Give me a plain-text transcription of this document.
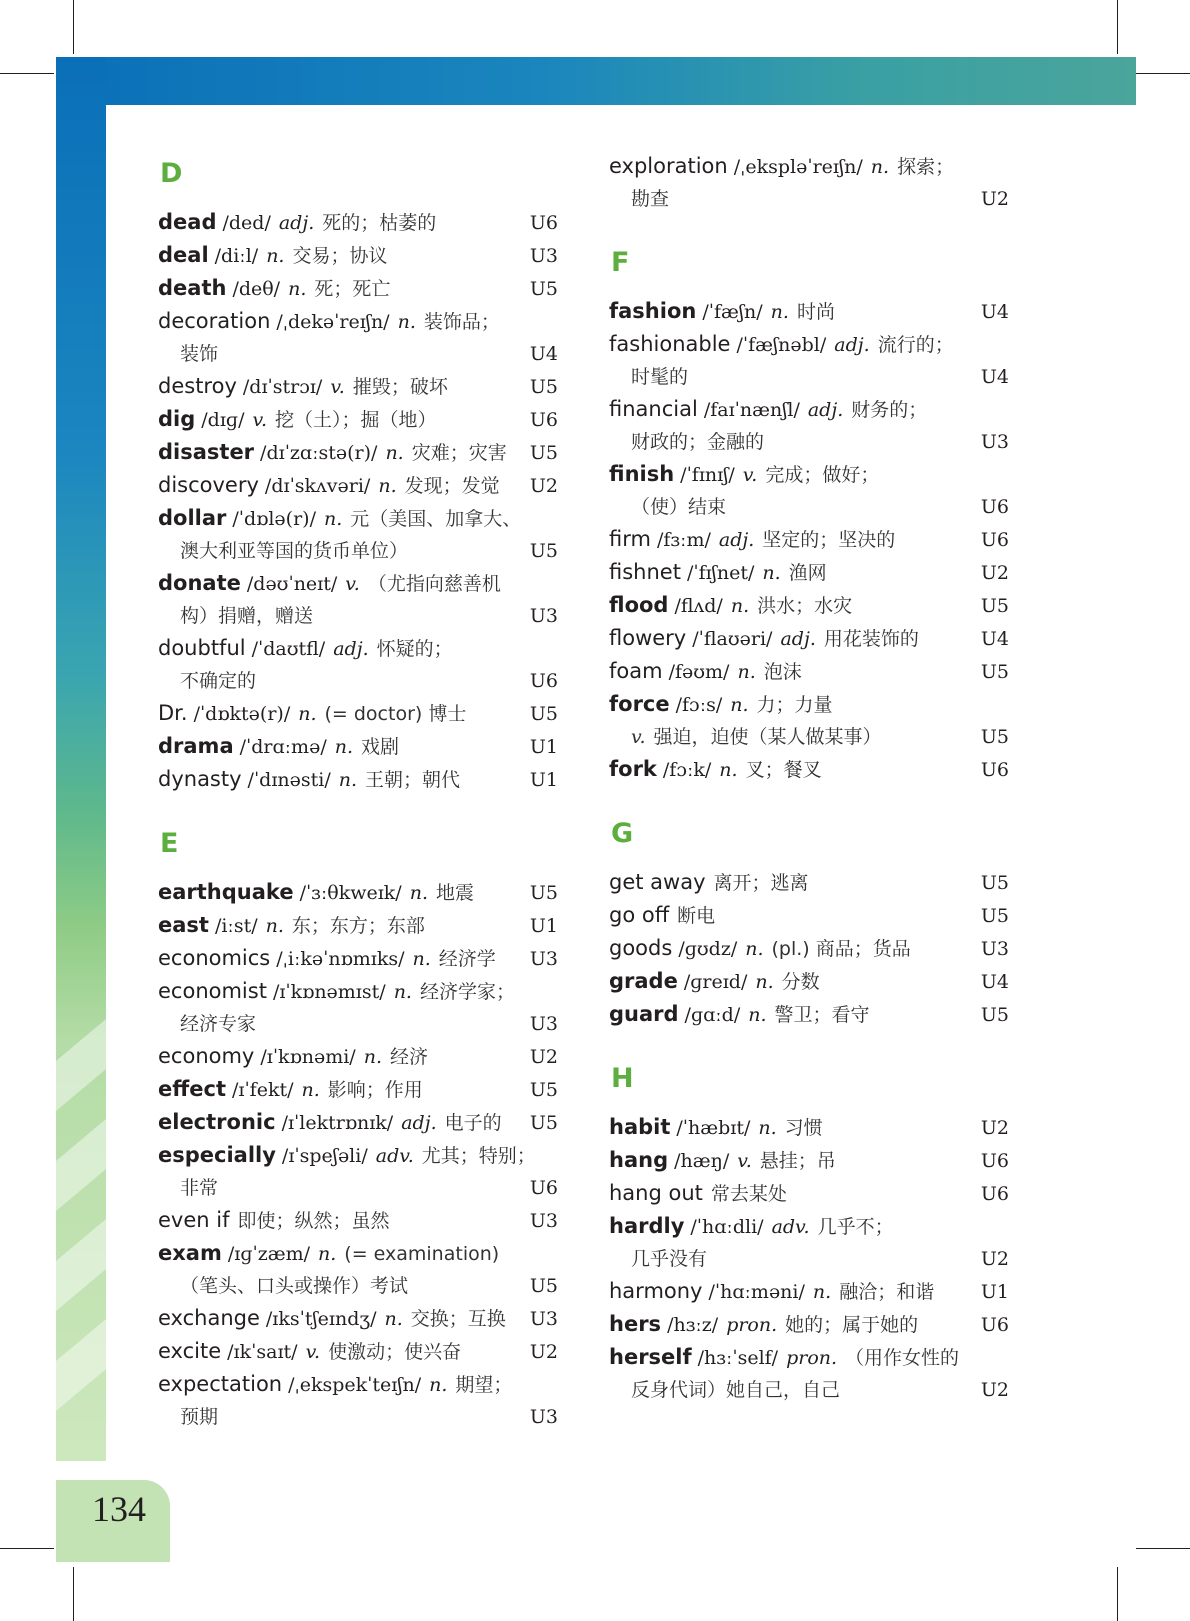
134
D
dead /ded/ adj. 死的；枯萎的	U6
deal /diːl/ n. 交易；协议	U3
death /deθ/ n. 死；死亡	U5
decoration /ˌdekəˈreɪʃn/ n. 装饰品；
装饰	U4
destroy /dɪˈstrɔɪ/ v. 摧毁；破坏	U5
dig /dɪɡ/ v. 挖（土）；掘（地）	U6
disaster /dɪˈzɑːstə(r)/ n. 灾难；灾害	U5
discovery /dɪˈskʌvəri/ n. 发现；发觉	U2
dollar /ˈdɒlə(r)/ n. 元（美国、加拿大、
澳大利亚等国的货币单位）	U5
donate /dəʊˈneɪt/ v. （尤指向慈善机
构）捐赠，赠送	U3
doubtful /ˈdaʊtfl/ adj. 怀疑的；
不确定的	U6
Dr. /ˈdɒktə(r)/ n. (= doctor) 博士	U5
drama /ˈdrɑːmə/ n. 戏剧	U1
dynasty /ˈdɪnəsti/ n. 王朝；朝代	U1
E
earthquake /ˈɜːθkweɪk/ n. 地震	U5
east /iːst/ n. 东；东方；东部	U1
economics /ˌiːkəˈnɒmɪks/ n. 经济学	U3
economist /ɪˈkɒnəmɪst/ n. 经济学家；
经济专家	U3
economy /ɪˈkɒnəmi/ n. 经济	U2
effect /ɪˈfekt/ n. 影响；作用	U5
electronic /ɪˈlektrɒnɪk/ adj. 电子的	U5
especially /ɪˈspeʃəli/ adv. 尤其；特别；
非常	U6
even if 即使；纵然；虽然	U3
exam /ɪɡˈzæm/ n. (= examination)
（笔头、口头或操作）考试	U5
exchange /ɪksˈtʃeɪndʒ/ n. 交换；互换	U3
excite /ɪkˈsaɪt/ v. 使激动；使兴奋	U2
expectation /ˌekspekˈteɪʃn/ n. 期望；
预期	U3
exploration /ˌekspləˈreɪʃn/ n. 探索；
勘查	U2
F
fashion /ˈfæʃn/ n. 时尚	U4
fashionable /ˈfæʃnəbl/ adj. 流行的；
时髦的	U4
financial /faɪˈnænʃl/ adj. 财务的；
财政的；金融的	U3
finish /ˈfɪnɪʃ/ v. 完成；做好；
（使）结束	U6
firm /fɜːm/ adj. 坚定的；坚决的	U6
fishnet /ˈfɪʃnet/ n. 渔网	U2
flood /flʌd/ n. 洪水；水灾	U5
flowery /ˈflaʊəri/ adj. 用花装饰的	U4
foam /fəʊm/ n. 泡沫	U5
force /fɔːs/ n. 力；力量
v. 强迫，迫使（某人做某事）	U5
fork /fɔːk/ n. 叉；餐叉	U6
G
get away 离开；逃离	U5
go off 断电	U5
goods /ɡʊdz/ n. (pl.) 商品；货品	U3
grade /ɡreɪd/ n. 分数	U4
guard /ɡɑːd/ n. 警卫；看守	U5
H
habit /ˈhæbɪt/ n. 习惯	U2
hang /hæŋ/ v. 悬挂；吊	U6
hang out 常去某处	U6
hardly /ˈhɑːdli/ adv. 几乎不；
几乎没有	U2
harmony /ˈhɑːməni/ n. 融洽；和谐	U1
hers /hɜːz/ pron. 她的；属于她的	U6
herself /hɜːˈself/ pron. （用作女性的
反身代词）她自己，自己	U2
